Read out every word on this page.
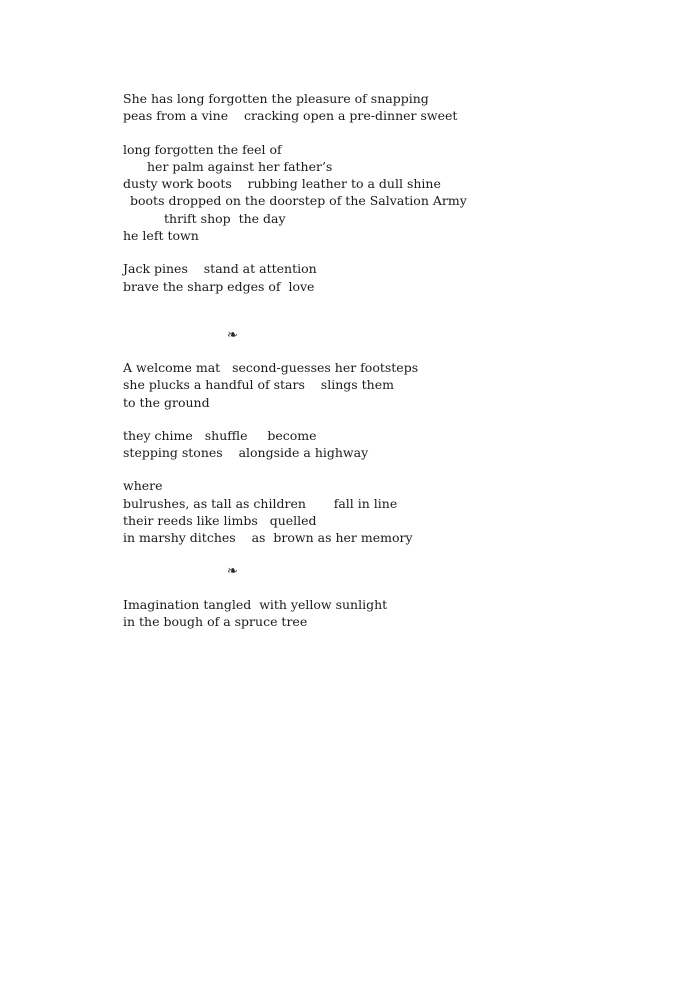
She has long forgotten the pleasure of snapping
peas from a vine    cracking open a pre-dinner sweet
long forgotten the feel of
her palm against her father’s
dusty work boots    rubbing leather to a dull shine
boots dropped on the doorstep of the Salvation Army
thrift shop  the day
he left town
Jack pines    stand at attention
brave the sharp edges of  love
❧
A welcome mat   second-guesses her footsteps
she plucks a handful of stars    slings them
to the ground
they chime   shuffle     become
stepping stones    alongside a highway
where
bulrushes, as tall as children       fall in line
their reeds like limbs   quelled
in marshy ditches    as  brown as her memory
❧
Imagination tangled  with yellow sunlight
in the bough of a spruce tree
